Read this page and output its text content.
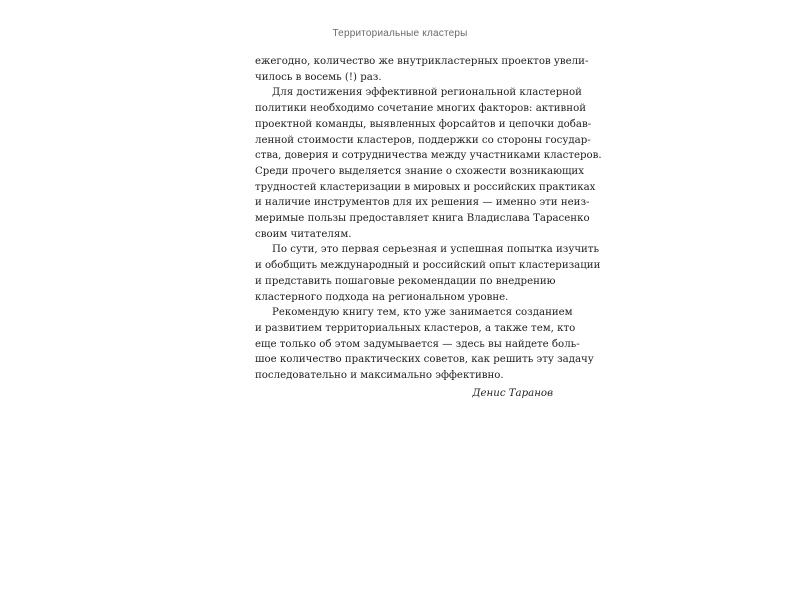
Территориальные кластеры
ежегодно, количество же внутрикластерных проектов увели-
чилось в восемь (!) раз.
Для достижения эффективной региональной кластерной
политики необходимо сочетание многих факторов: активной
проектной команды, выявленных форсайтов и цепочки добав-
ленной стоимости кластеров, поддержки со стороны государ-
ства, доверия и сотрудничества между участниками кластеров.
Среди прочего выделяется знание о схожести возникающих
трудностей кластеризации в мировых и российских практиках
и наличие инструментов для их решения — именно эти неиз-
меримые пользы предоставляет книга Владислава Тарасенко
своим читателям.
По сути, это первая серьезная и успешная попытка изучить
и обобщить международный и российский опыт кластеризации
и представить пошаговые рекомендации по внедрению
кластерного подхода на региональном уровне.
Рекомендую книгу тем, кто уже занимается созданием
и развитием территориальных кластеров, а также тем, кто
еще только об этом задумывается — здесь вы найдете боль-
шое количество практических советов, как решить эту задачу
последовательно и максимально эффективно.
Денис Таранов
